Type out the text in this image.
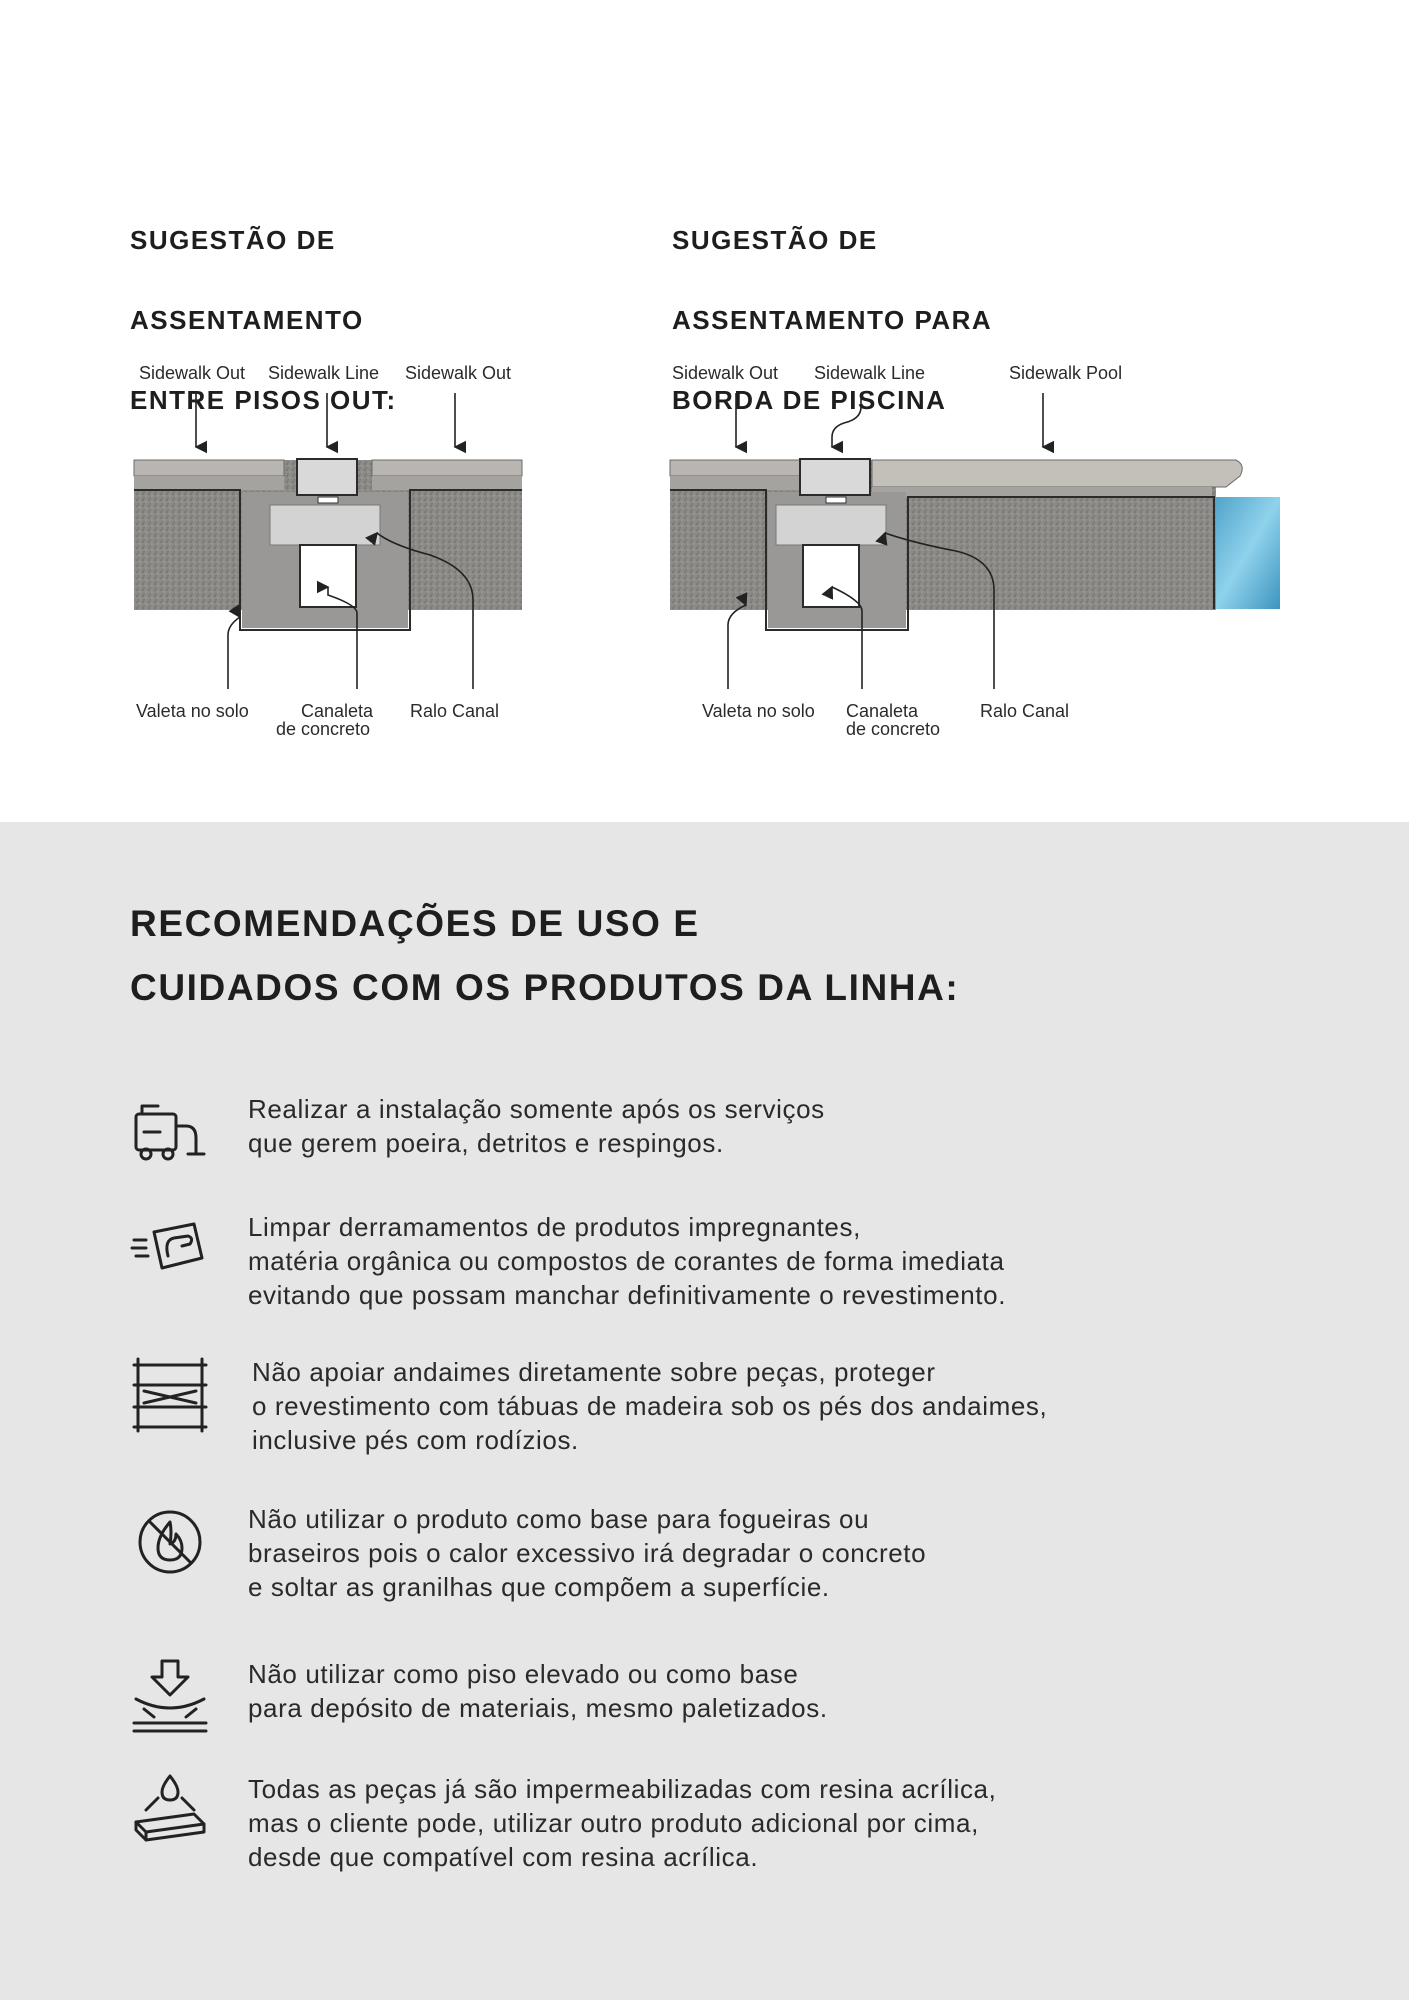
SUGESTÃO DE

ASSENTAMENTO

ENTRE PISOS OUT:

SUGESTÃO DE

ASSENTAMENTO PARA

BORDA DE PISCINA

Sidewalk Out Sidewalk Line Sidewalk Out
Valeta no solo	Canaleta
de concreto
Ralo Canal
Sidewalk Out Sidewalk Line	Sidewalk Pool
Valeta no solo Canaleta
de concreto
Ralo Canal
RECOMENDAÇÕES DE USO E
CUIDADOS COM OS PRODUTOS DA LINHA:
Realizar a instalação somente após os serviços
que gerem poeira, detritos e respingos.
Limpar derramamentos de produtos impregnantes,
matéria orgânica ou compostos de corantes de forma imediata
evitando que possam manchar definitivamente o revestimento.
Não apoiar andaimes diretamente sobre peças, proteger
o revestimento com tábuas de madeira sob os pés dos andaimes,
inclusive pés com rodízios.
Não utilizar o produto como base para fogueiras ou
braseiros pois o calor excessivo irá degradar o concreto
e soltar as granilhas que compõem a superfície.
Não utilizar como piso elevado ou como base
para depósito de materiais, mesmo paletizados.
Todas as peças já são impermeabilizadas com resina acrílica,
mas o cliente pode, utilizar outro produto adicional por cima,
desde que compatível com resina acrílica.
